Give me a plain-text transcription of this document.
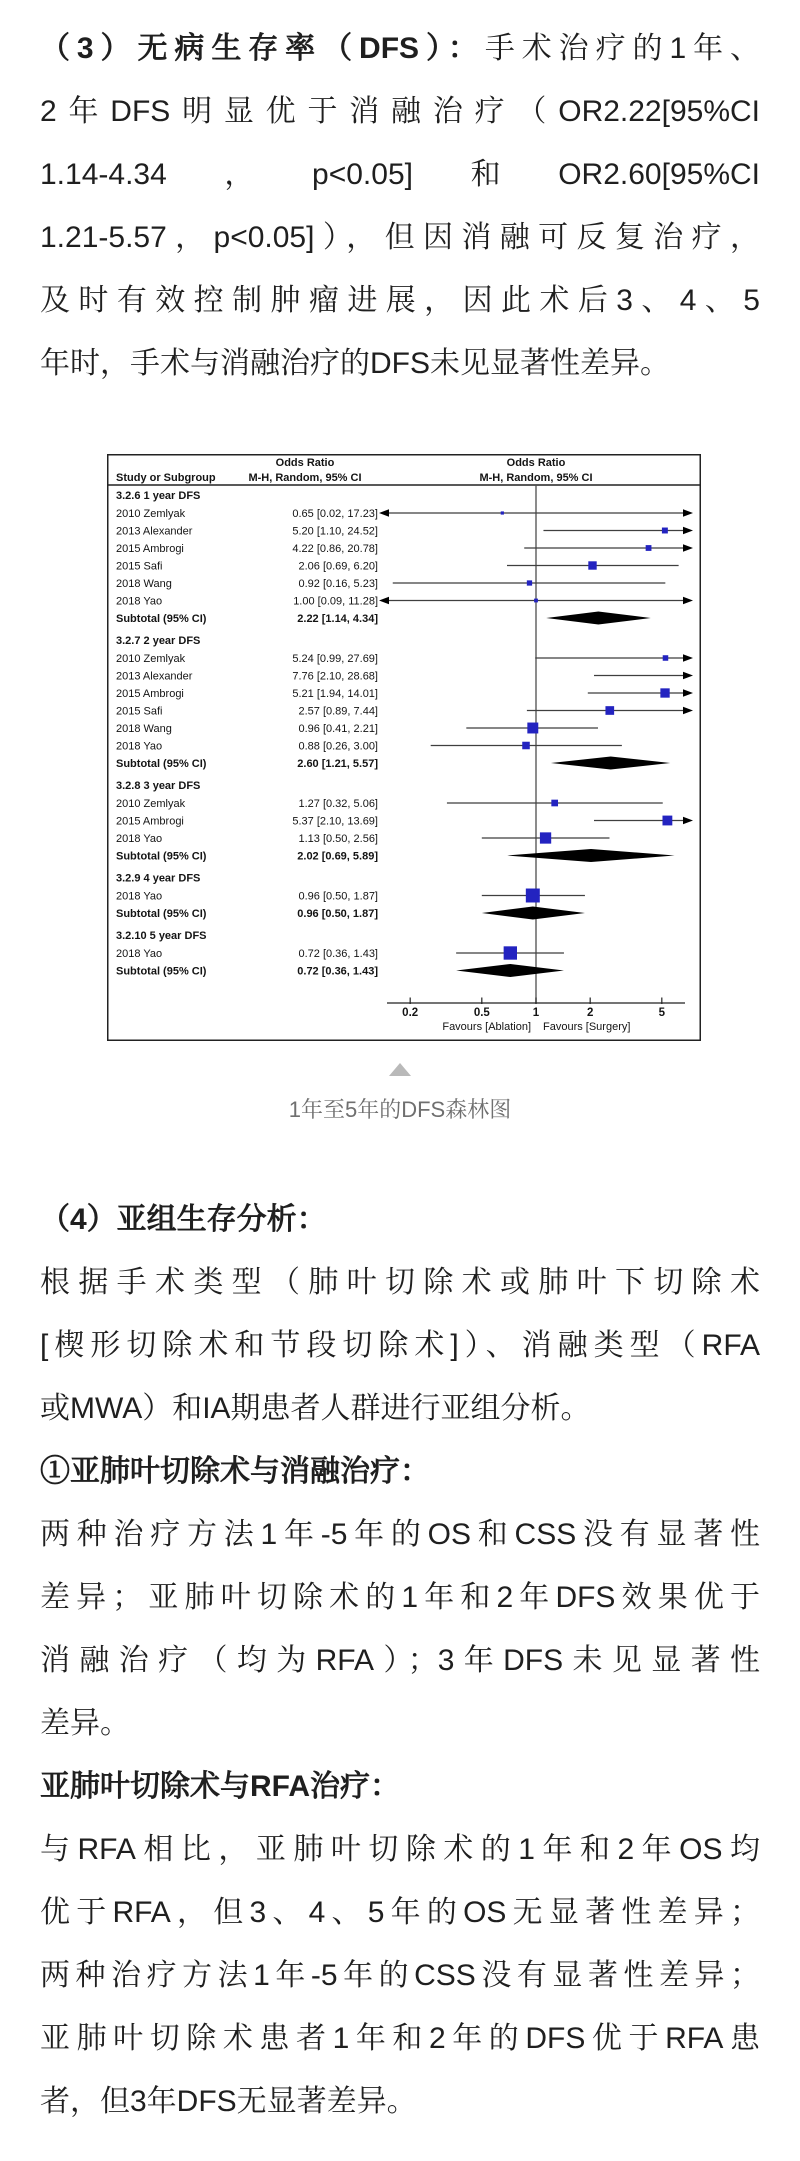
（3）无病生存率（DFS）：手术治疗的1年、
2年DFS明显优于消融治疗（OR2.22[95%CI
1.14-4.34，p<0.05]和OR2.60[95%CI
1.21-5.57，p<0.05]），但因消融可反复治疗，
及时有效控制肿瘤进展，因此术后3、4、5
年时，手术与消融治疗的DFS未见显著性差异。
Study or Subgroup
Odds Ratio
M-H, Random, 95% CI
Odds Ratio
M-H, Random, 95% CI
3.2.6 1 year DFS
2010 Zemlyak	0.65 [0.02, 17.23]
2013 Alexander	5.20 [1.10, 24.52]
2015 Ambrogi	4.22 [0.86, 20.78]
2015 Safi	2.06 [0.69, 6.20]
2018 Wang	0.92 [0.16, 5.23]
2018 Yao	1.00 [0.09, 11.28]
Subtotal (95% CI)	2.22 [1.14, 4.34]
3.2.7 2 year DFS
2010 Zemlyak	5.24 [0.99, 27.69]
2013 Alexander	7.76 [2.10, 28.68]
2015 Ambrogi	5.21 [1.94, 14.01]
2015 Safi	2.57 [0.89, 7.44]
2018 Wang	0.96 [0.41, 2.21]
2018 Yao	0.88 [0.26, 3.00]
Subtotal (95% CI)	2.60 [1.21, 5.57]
3.2.8 3 year DFS
2010 Zemlyak	1.27 [0.32, 5.06]
2015 Ambrogi	5.37 [2.10, 13.69]
2018 Yao	1.13 [0.50, 2.56]
Subtotal (95% CI)	2.02 [0.69, 5.89]
3.2.9 4 year DFS
2018 Yao	0.96 [0.50, 1.87]
Subtotal (95% CI)	0.96 [0.50, 1.87]
3.2.10 5 year DFS
2018 Yao	0.72 [0.36, 1.43]
Subtotal (95% CI)	0.72 [0.36, 1.43]
0.2	0.5	1	2	5
Favours [Ablation] Favours [Surgery]
1年至5年的DFS森林图
（4）亚组生存分析：
根据手术类型（肺叶切除术或肺叶下切除术
[楔形切除术和节段切除术]）、消融类型（RFA
或MWA）和IA期患者人群进行亚组分析。
①亚肺叶切除术与消融治疗：
两种治疗方法1年-5年的OS和CSS没有显著性
差异；亚肺叶切除术的1年和2年DFS效果优于
消融治疗（均为RFA）；3年DFS未见显著性
差异。
亚肺叶切除术与RFA治疗：
与RFA相比，亚肺叶切除术的1年和2年OS均
优于RFA，但3、4、5年的OS无显著性差异；
两种治疗方法1年-5年的CSS没有显著性差异；
亚肺叶切除术患者1年和2年的DFS优于RFA患
者，但3年DFS无显著差异。
